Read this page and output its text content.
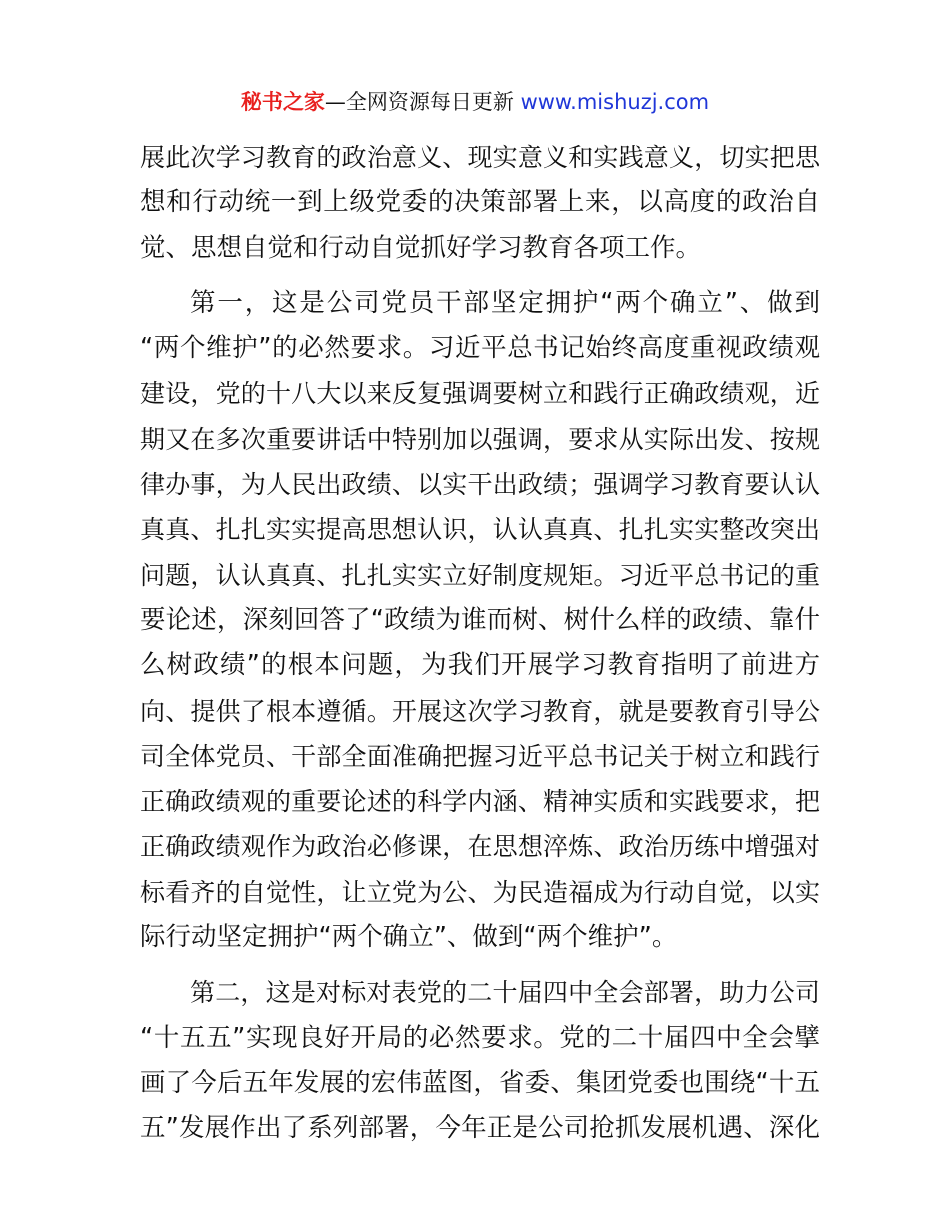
秘书之家—全网资源每日更新 www.mishuzj.com
展此次学习教育的政治意义、现实意义和实践意义，切实把思
想和行动统一到上级党委的决策部署上来，以高度的政治自
觉、思想自觉和行动自觉抓好学习教育各项工作。
第一，这是公司党员干部坚定拥护“两个确立”、做到
“两个维护”的必然要求。习近平总书记始终高度重视政绩观
建设，党的十八大以来反复强调要树立和践行正确政绩观，近
期又在多次重要讲话中特别加以强调，要求从实际出发、按规
律办事，为人民出政绩、以实干出政绩；强调学习教育要认认
真真、扎扎实实提高思想认识，认认真真、扎扎实实整改突出
问题，认认真真、扎扎实实立好制度规矩。习近平总书记的重
要论述，深刻回答了“政绩为谁而树、树什么样的政绩、靠什
么树政绩”的根本问题，为我们开展学习教育指明了前进方
向、提供了根本遵循。开展这次学习教育，就是要教育引导公
司全体党员、干部全面准确把握习近平总书记关于树立和践行
正确政绩观的重要论述的科学内涵、精神实质和实践要求，把
正确政绩观作为政治必修课，在思想淬炼、政治历练中增强对
标看齐的自觉性，让立党为公、为民造福成为行动自觉，以实
际行动坚定拥护“两个确立”、做到“两个维护”。
第二，这是对标对表党的二十届四中全会部署，助力公司
“十五五”实现良好开局的必然要求。党的二十届四中全会擘
画了今后五年发展的宏伟蓝图，省委、集团党委也围绕“十五
五”发展作出了系列部署，今年正是公司抢抓发展机遇、深化
